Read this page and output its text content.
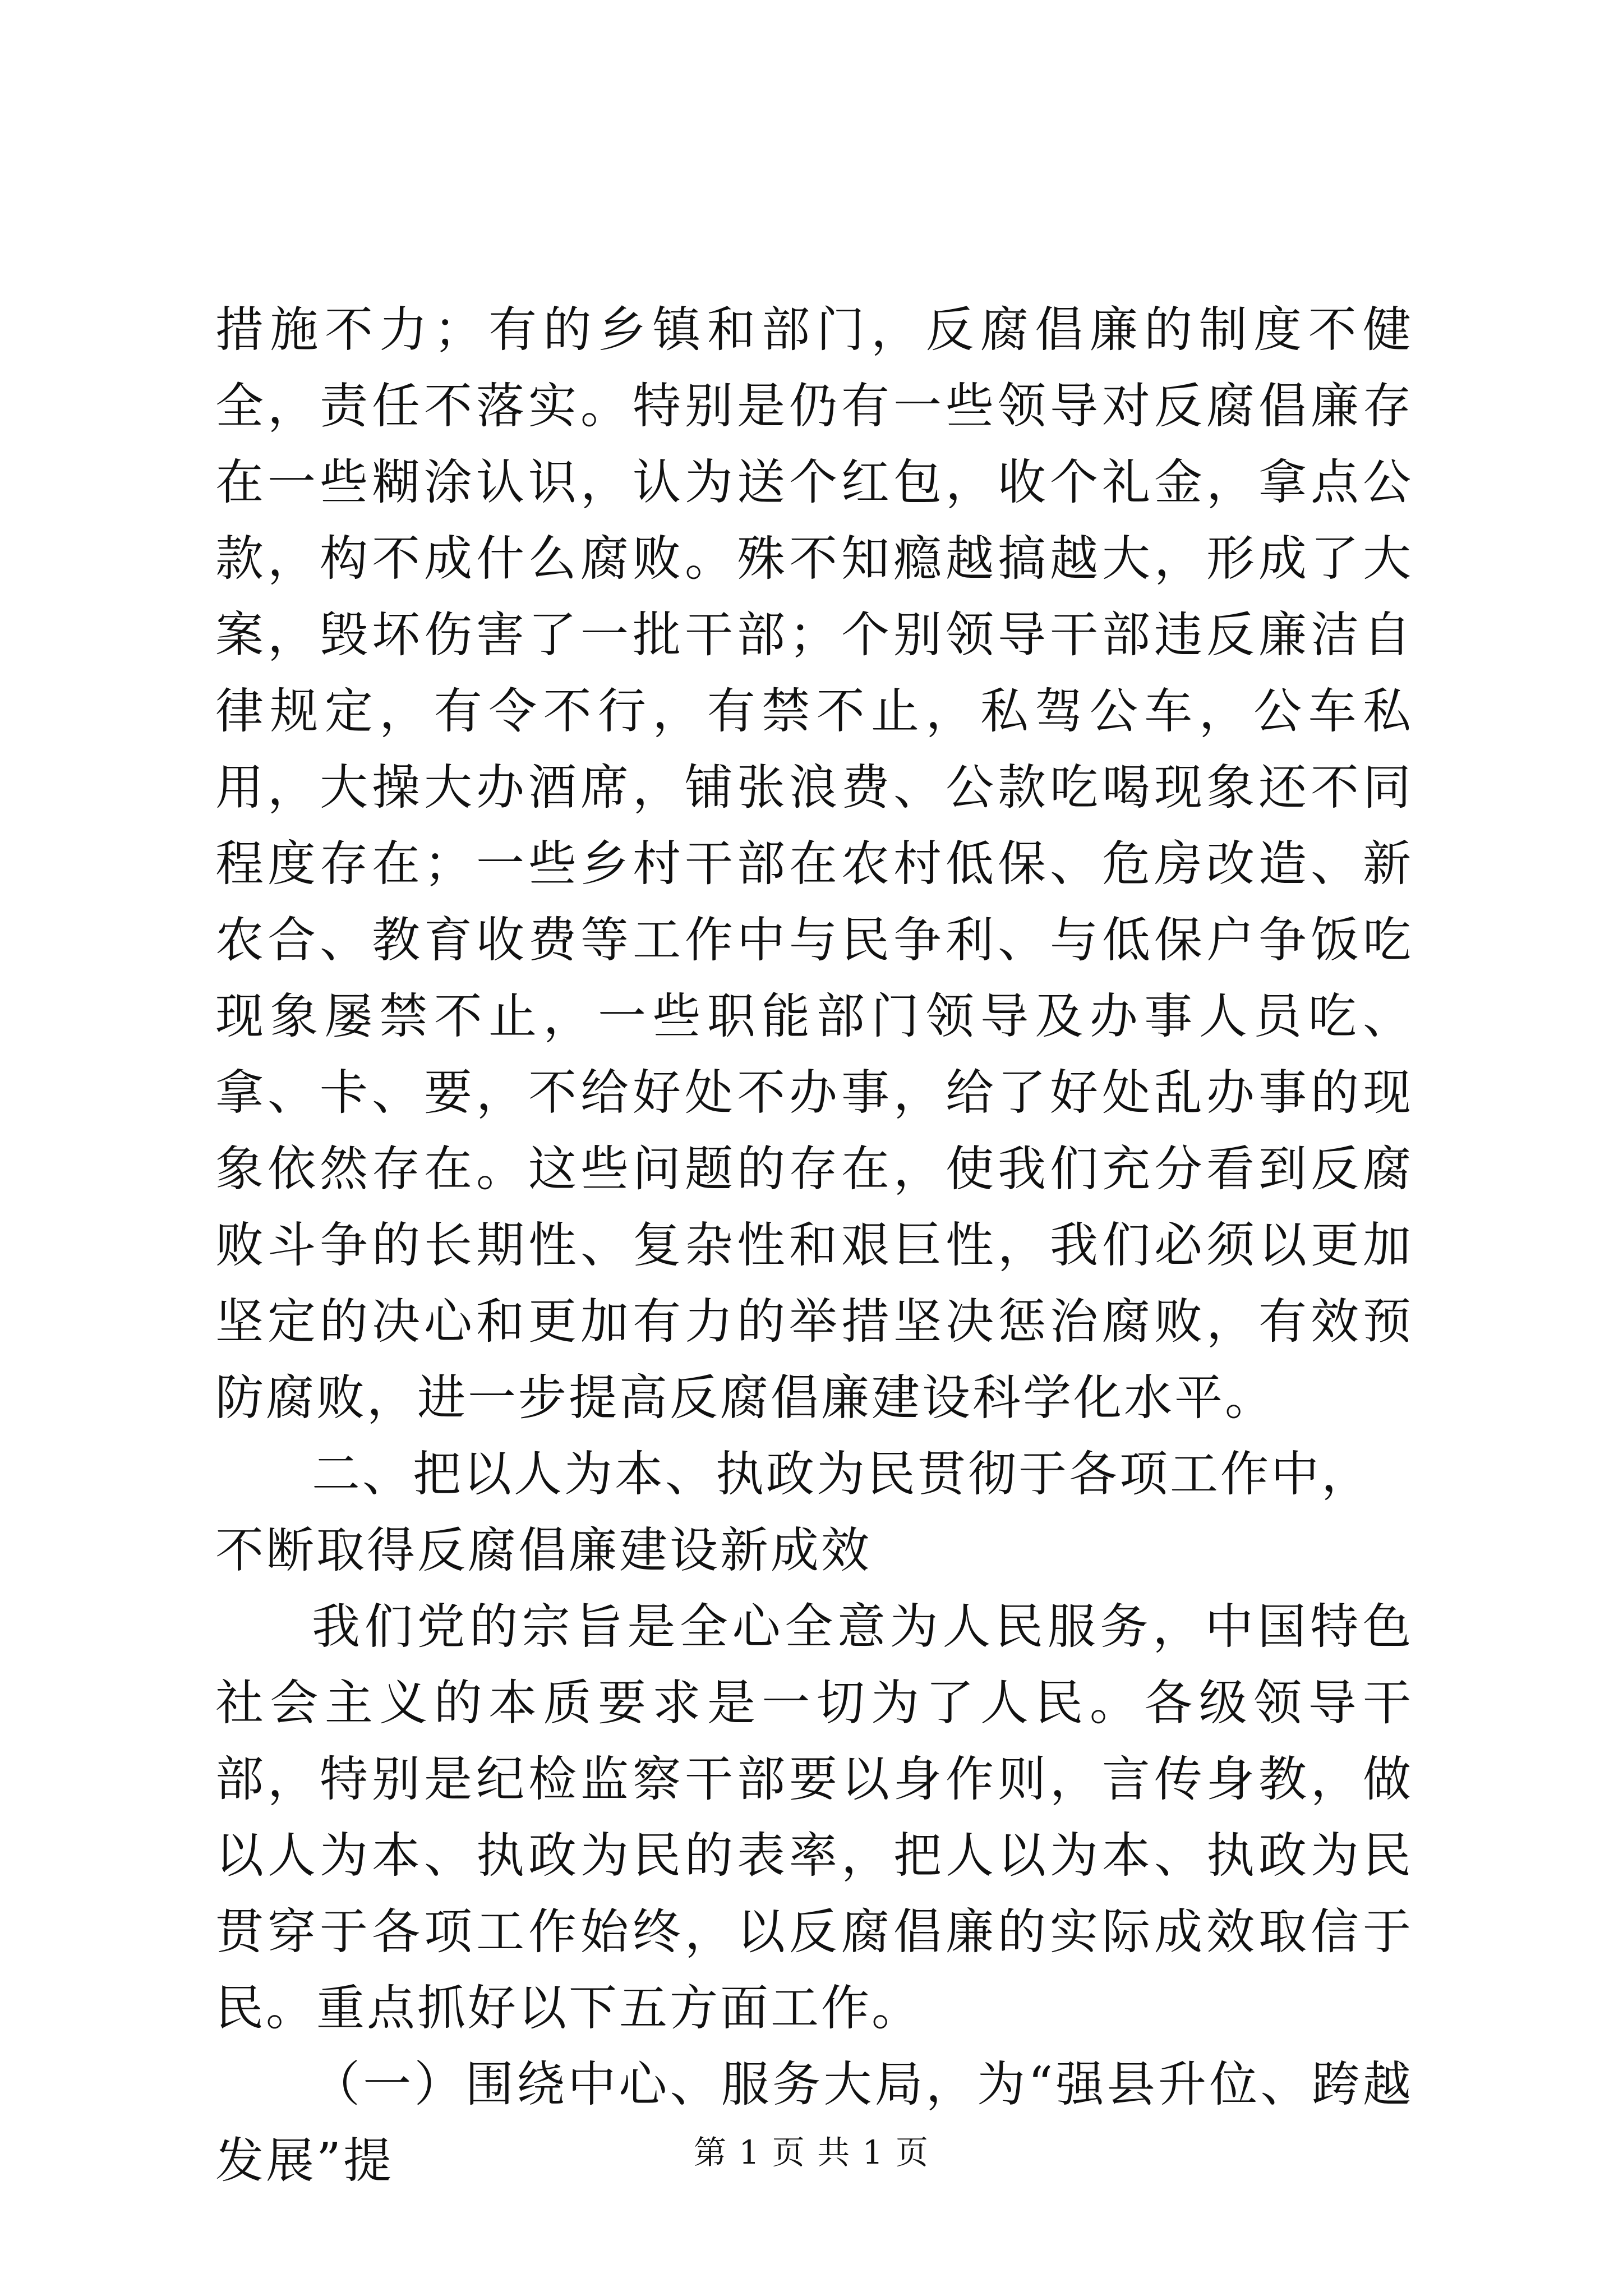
措施不力；有的乡镇和部门，反腐倡廉的制度不健全，责任不落实。特别是仍有一些领导对反腐倡廉存在一些糊涂认识，认为送个红包，收个礼金，拿点公款，构不成什么腐败。殊不知瘾越搞越大，形成了大案，毁坏伤害了一批干部；个别领导干部违反廉洁自律规定，有令不行，有禁不止，私驾公车，公车私用，大操大办酒席，铺张浪费、公款吃喝现象还不同程度存在；一些乡村干部在农村低保、危房改造、新农合、教育收费等工作中与民争利、与低保户争饭吃现象屡禁不止，一些职能部门领导及办事人员吃、拿、卡、要，不给好处不办事，给了好处乱办事的现象依然存在。这些问题的存在，使我们充分看到反腐败斗争的长期性、复杂性和艰巨性，我们必须以更加坚定的决心和更加有力的举措坚决惩治腐败，有效预防腐败，进一步提高反腐倡廉建设科学化水平。

二、把以人为本、执政为民贯彻于各项工作中，不断取得反腐倡廉建设新成效

我们党的宗旨是全心全意为人民服务，中国特色社会主义的本质要求是一切为了人民。各级领导干部，特别是纪检监察干部要以身作则，言传身教，做以人为本、执政为民的表率，把人以为本、执政为民贯穿于各项工作始终，以反腐倡廉的实际成效取信于民。重点抓好以下五方面工作。

（一）围绕中心、服务大局，为“强县升位、跨越发展”提	第 1 页 共 1 页
